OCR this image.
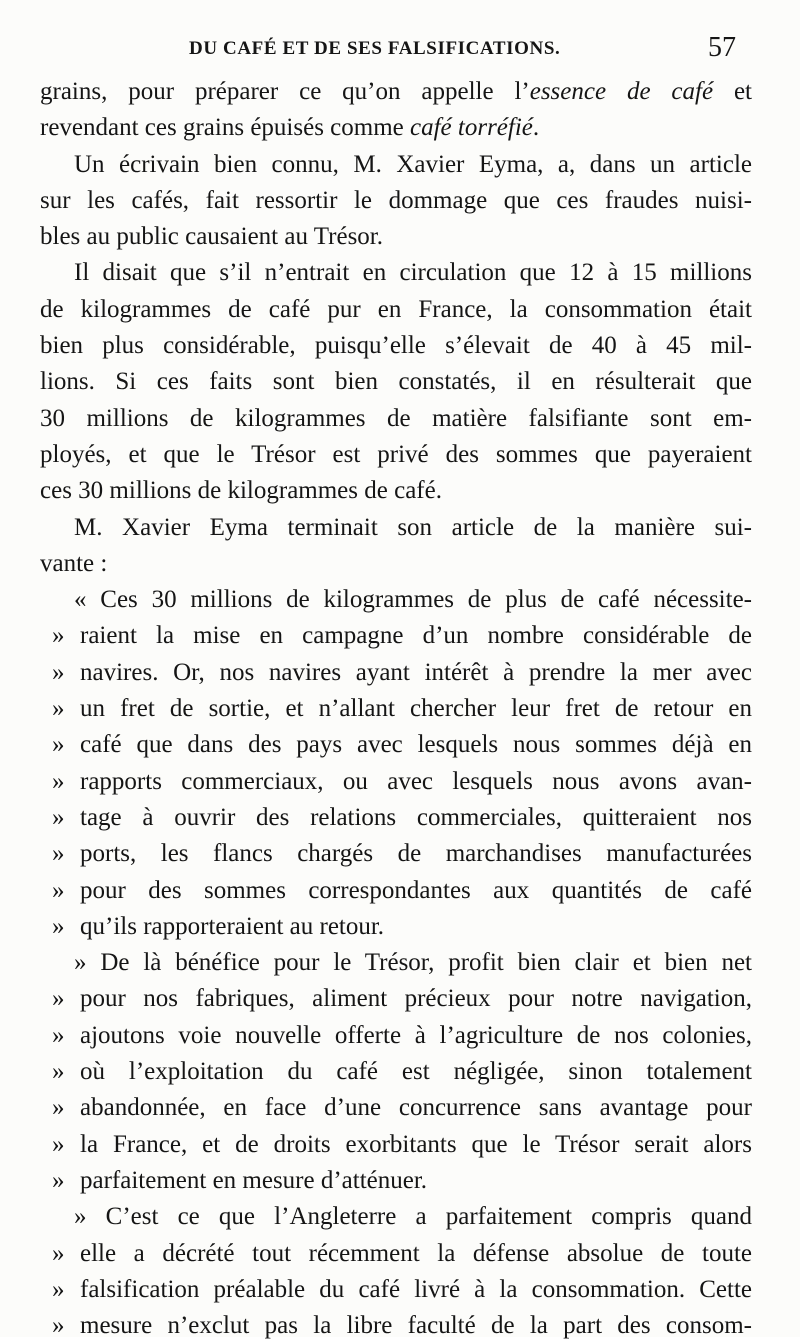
DU CAFÉ ET DE SES FALSIFICATIONS.	57
grains, pour préparer ce qu’on appelle l’essence de café et
revendant ces grains épuisés comme café torréfié.
Un écrivain bien connu, M. Xavier Eyma, a, dans un article
sur les cafés, fait ressortir le dommage que ces fraudes nuisi-
bles au public causaient au Trésor.
Il disait que s’il n’entrait en circulation que 12 à 15 millions
de kilogrammes de café pur en France, la consommation était
bien plus considérable, puisqu’elle s’élevait de 40 à 45 mil-
lions. Si ces faits sont bien constatés, il en résulterait que
30 millions de kilogrammes de matière falsifiante sont em-
ployés, et que le Trésor est privé des sommes que payeraient
ces 30 millions de kilogrammes de café.
M. Xavier Eyma terminait son article de la manière sui-
vante :
« Ces 30 millions de kilogrammes de plus de café nécessite-
» raient la mise en campagne d’un nombre considérable de
» navires. Or, nos navires ayant intérêt à prendre la mer avec
» un fret de sortie, et n’allant chercher leur fret de retour en
» café que dans des pays avec lesquels nous sommes déjà en
» rapports commerciaux, ou avec lesquels nous avons avan-
» tage à ouvrir des relations commerciales, quitteraient nos
» ports, les flancs chargés de marchandises manufacturées
» pour des sommes correspondantes aux quantités de café
» qu’ils rapporteraient au retour.
» De là bénéfice pour le Trésor, profit bien clair et bien net
» pour nos fabriques, aliment précieux pour notre navigation,
» ajoutons voie nouvelle offerte à l’agriculture de nos colonies,
» où l’exploitation du café est négligée, sinon totalement
» abandonnée, en face d’une concurrence sans avantage pour
» la France, et de droits exorbitants que le Trésor serait alors
» parfaitement en mesure d’atténuer.
» C’est ce que l’Angleterre a parfaitement compris quand
» elle a décrété tout récemment la défense absolue de toute
» falsification préalable du café livré à la consommation. Cette
» mesure n’exclut pas la libre faculté de la part des consom-
